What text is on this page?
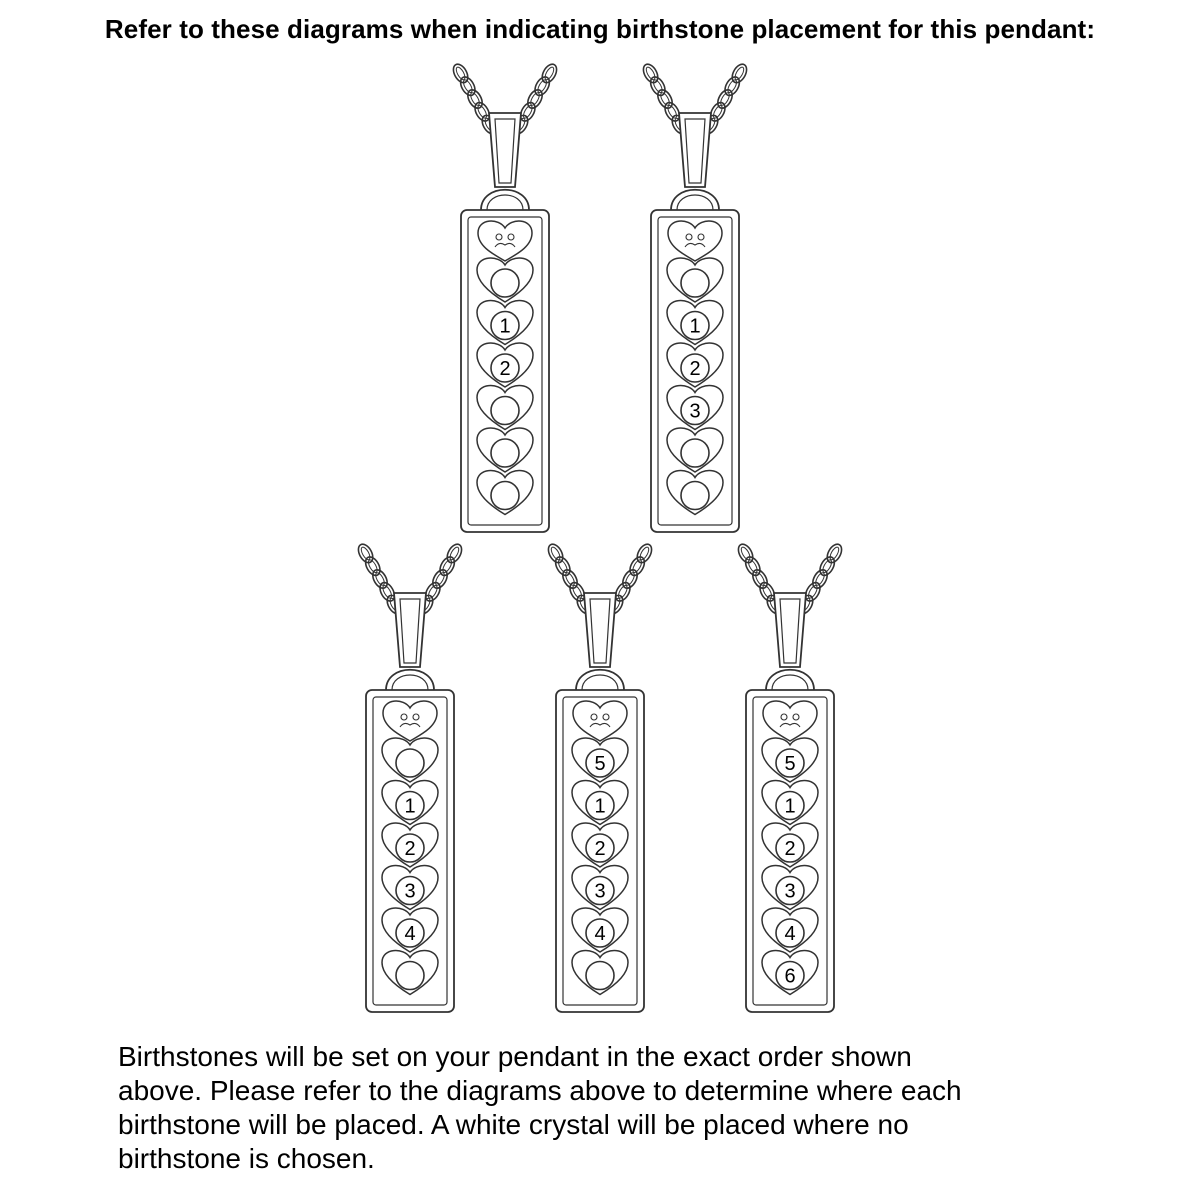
Refer to these diagrams when indicating birthstone placement for this pendant:
1
2
1
2
3
1
2
3
4
5
1
2
3
4
5
1
2
3
4
6

Birthstones will be set on your pendant in the exact order shown

above. Please refer to the diagrams above to determine where each

birthstone will be placed. A white crystal will be placed where no

birthstone is chosen.
